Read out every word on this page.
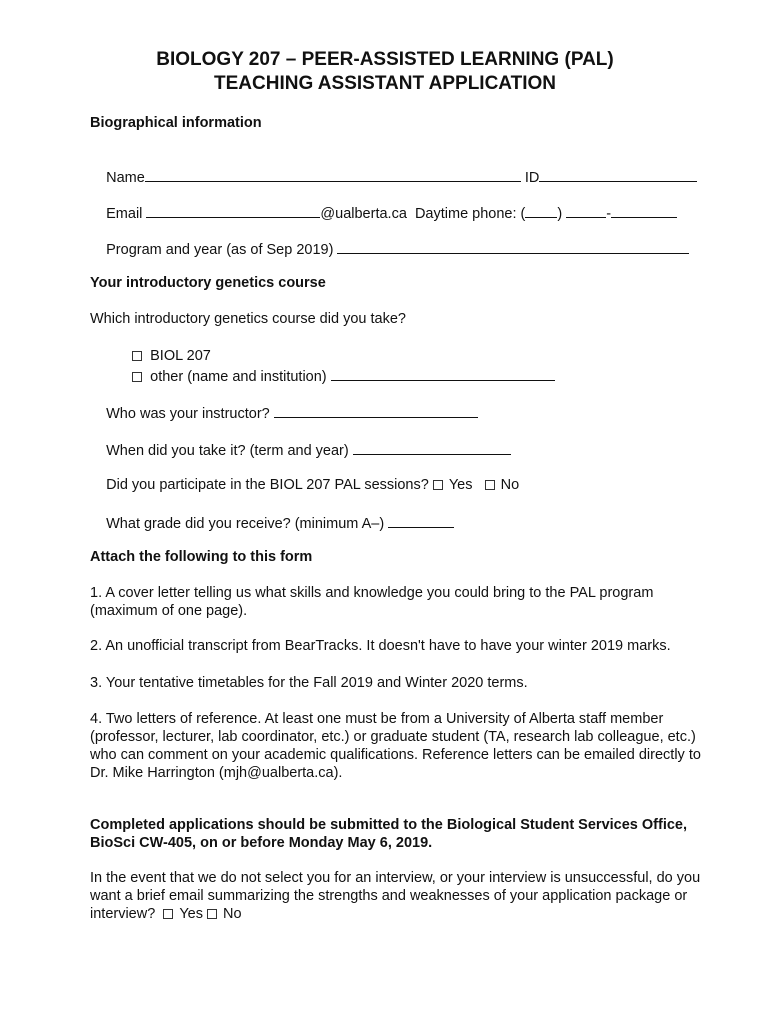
BIOLOGY 207 – PEER-ASSISTED LEARNING (PAL)
TEACHING ASSISTANT APPLICATION
Biographical information

Name	ID

Email	@ualberta.ca Daytime phone: ( )	-

Program and year (as of Sep 2019)

Your introductory genetics course
Which introductory genetics course did you take?

BIOL 207

other (name and institution)

Who was your instructor?

When did you take it? (term and year)

Did you participate in the BIOL 207 PAL sessions? Yes No

What grade did you receive? (minimum A–)

Attach the following to this form
1. A cover letter telling us what skills and knowledge you could bring to the PAL program (maximum of one page).
2. An unofficial transcript from BearTracks. It doesn't have to have your winter 2019 marks.
3. Your tentative timetables for the Fall 2019 and Winter 2020 terms.
4. Two letters of reference. At least one must be from a University of Alberta staff member (professor, lecturer, lab coordinator, etc.) or graduate student (TA, research lab colleague, etc.) who can comment on your academic qualifications. Reference letters can be emailed directly to Dr. Mike Harrington (mjh@ualberta.ca).
Completed applications should be submitted to the Biological Student Services Office, BioSci CW-405, on or before Monday May 6, 2019.
In the event that we do not select you for an interview, or your interview is unsuccessful, do you want a brief email summarizing the strengths and weaknesses of your application package or interview? Yes No
